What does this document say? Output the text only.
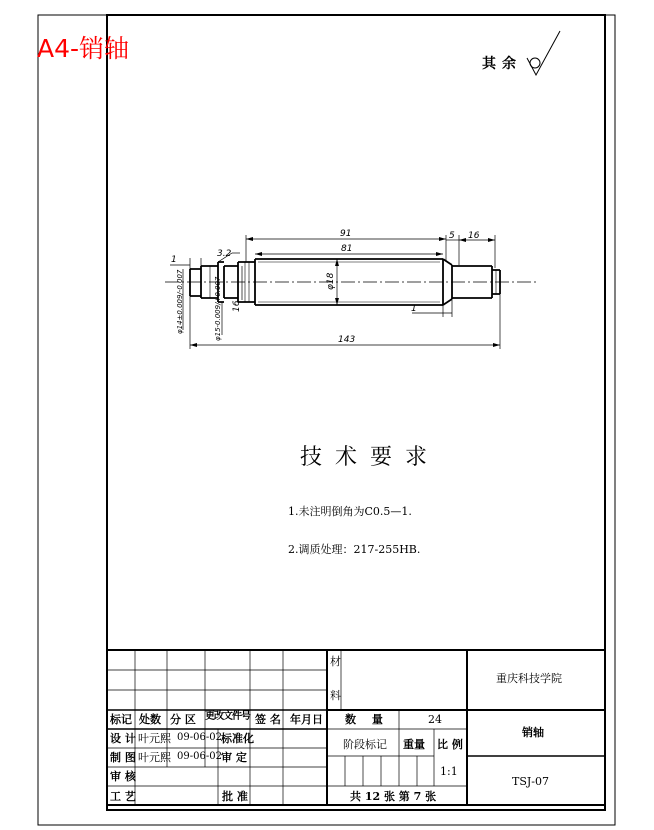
91	5 16
81
1
3.2
φ18
16	1
143
φ14±0.009/-0.007	φ15-0.009/+0.007
A4-销轴
其余
技术要求
1.未注明倒角为C0.5—1.
2.调质处理：217-255HB.
材
料
重庆科技学院
销轴
TSJ-07
标记 处数 分 区 更改文件号 签 名 年月日
设 计 叶元熙 09-06-02 标准化
制 图 叶元熙 09-06-02 审 定
审 核
工 艺	批 准
数 量	24
阶段标记 重量 比 例
1:1
共 12 张 第 7 张
